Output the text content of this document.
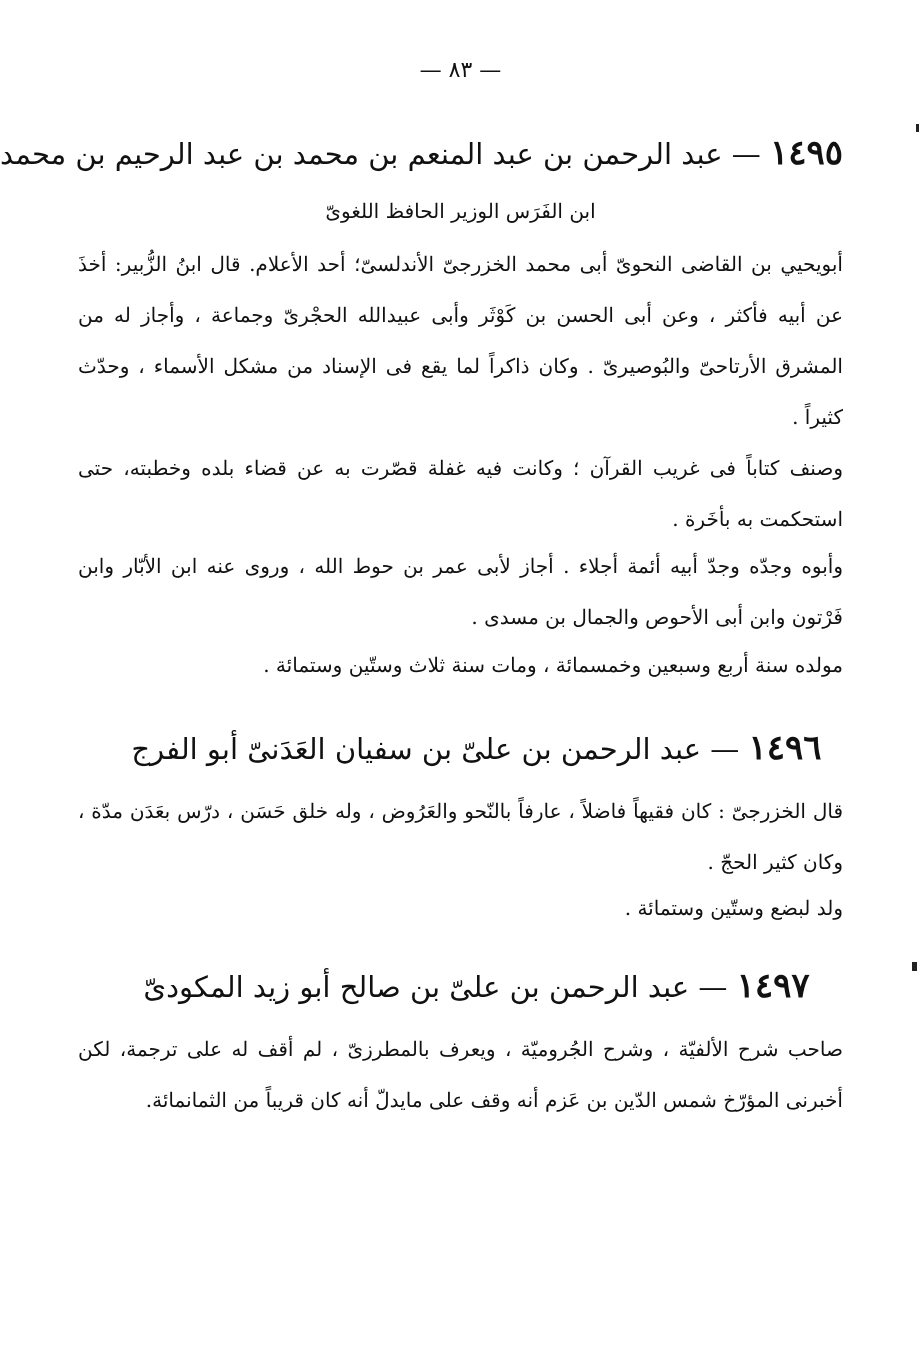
— ٨٣ —
١٤٩٥ — عبد الرحمن بن عبد المنعم بن محمد بن عبد الرحيم بن محمد
ابن الفَرَس الوزير الحافظ اللغوىّ
أبويحيي بن القاضى النحوىّ أبى محمد الخزرجىّ الأندلسىّ؛ أحد الأعلام. قال ابنُ الزُّبير: أخذَ عن أبيه فأكثر ، وعن أبى الحسن بن كَوْثَر وأبى عبيدالله الحجْرىّ وجماعة ، وأجاز له من المشرق الأرتاحىّ والبُوصيرىّ . وكان ذاكراً لما يقع فى الإسناد من مشكل الأسماء ، وحدّث كثيراً .
وصنف كتاباً فى غريب القرآن ؛ وكانت فيه غفلة قصّرت به عن قضاء بلده وخطبته، حتى استحكمت به بأخَرة .
وأبوه وجدّه وجدّ أبيه أئمة أجلاء . أجاز لأبى عمر بن حوط الله ، وروى عنه ابن الأبّار وابن فَرْتون وابن أبى الأحوص والجمال بن مسدى .
مولده سنة أربع وسبعين وخمسمائة ، ومات سنة ثلاث وستّين وستمائة .
١٤٩٦ — عبد الرحمن بن علىّ بن سفيان العَدَنىّ أبو الفرج
قال الخزرجىّ : كان فقيهاً فاضلاً ، عارفاً بالنّحو والعَرُوض ، وله خلق حَسَن ، درّس بعَدَن مدّة ، وكان كثير الحجّ .
ولد لبضع وستّين وستمائة .
١٤٩٧ — عبد الرحمن بن علىّ بن صالح أبو زيد المكودىّ
صاحب شرح الألفيّة ، وشرح الجُروميّة ، ويعرف بالمطرزىّ ، لم أقف له على ترجمة، لكن أخبرنى المؤرّخ شمس الدّين بن عَزم أنه وقف على مايدلّ أنه كان قريباً من الثمانمائة.
